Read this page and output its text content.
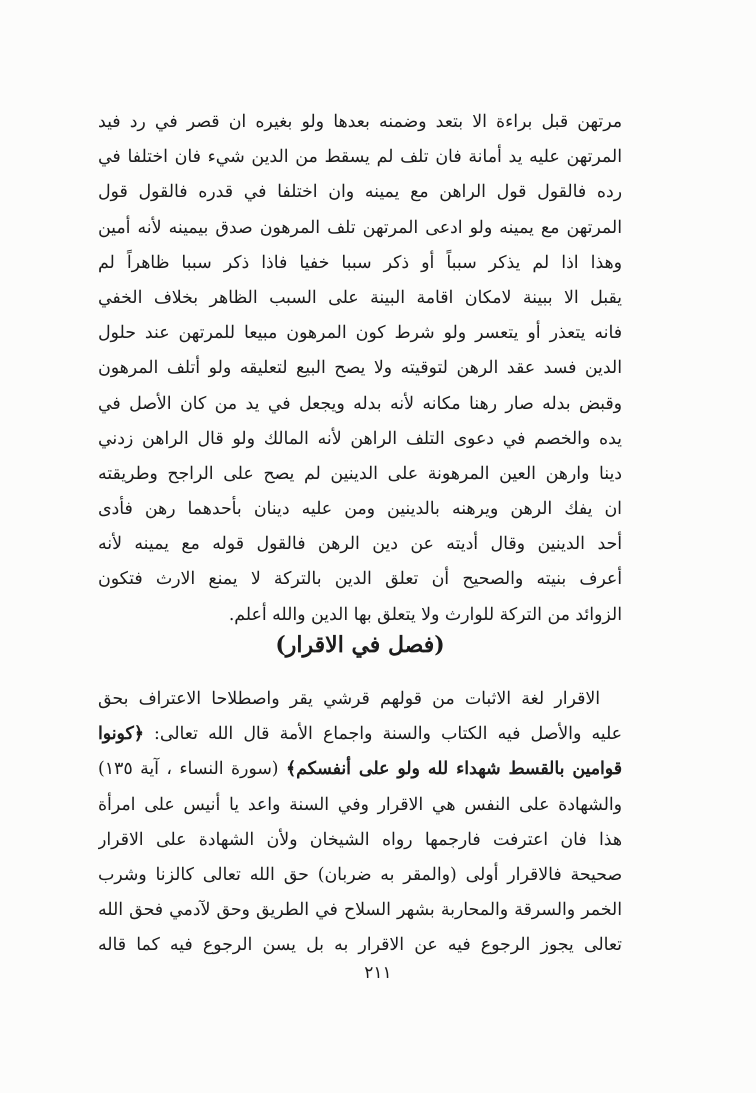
مرتهن قبل براءة الا بتعد وضمنه بعدها ولو بغيره ان قصر في رد فيد
المرتهن عليه يد أمانة فان تلف لم يسقط من الدين شيء فان اختلفا في
رده فالقول قول الراهن مع يمينه وان اختلفا في قدره فالقول قول
المرتهن مع يمينه ولو ادعى المرتهن تلف المرهون صدق بيمينه لأنه أمين
وهذا اذا لم يذكر سبباً أو ذكر سببا خفيا فاذا ذكر سببا ظاهراً لم
يقبل الا ببينة لامكان اقامة البينة على السبب الظاهر بخلاف الخفي
فانه يتعذر أو يتعسر ولو شرط كون المرهون مبيعا للمرتهن عند حلول
الدين فسد عقد الرهن لتوقيته ولا يصح البيع لتعليقه ولو أتلف المرهون
وقبض بدله صار رهنا مكانه لأنه بدله ويجعل في يد من كان الأصل في
يده والخصم في دعوى التلف الراهن لأنه المالك ولو قال الراهن زدني
دينا وارهن العين المرهونة على الدينين لم يصح على الراجح وطريقته
ان يفك الرهن ويرهنه بالدينين ومن عليه دينان بأحدهما رهن فأدى
أحد الدينين وقال أديته عن دين الرهن فالقول قوله مع يمينه لأنه
أعرف بنيته والصحيح أن تعلق الدين بالتركة لا يمنع الارث فتكون
الزوائد من التركة للوارث ولا يتعلق بها الدين والله أعلم.
(فصل في الاقرار)
الاقرار لغة الاثبات من قولهم قرشي يقر واصطلاحا الاعتراف بحق
عليه والأصل فيه الكتاب والسنة واجماع الأمة قال الله تعالى: ﴿كونوا
قوامين بالقسط شهداء لله ولو على أنفسكم﴾ (سورة النساء ، آية ١٣٥)
والشهادة على النفس هي الاقرار وفي السنة واعد يا أنيس على امرأة
هذا فان اعترفت فارجمها رواه الشيخان ولأن الشهادة على الاقرار
صحيحة فالاقرار أولى (والمقر به ضربان) حق الله تعالى كالزنا وشرب
الخمر والسرقة والمحاربة بشهر السلاح في الطريق وحق لآدمي فحق الله
تعالى يجوز الرجوع فيه عن الاقرار به بل يسن الرجوع فيه كما قاله
٢١١
